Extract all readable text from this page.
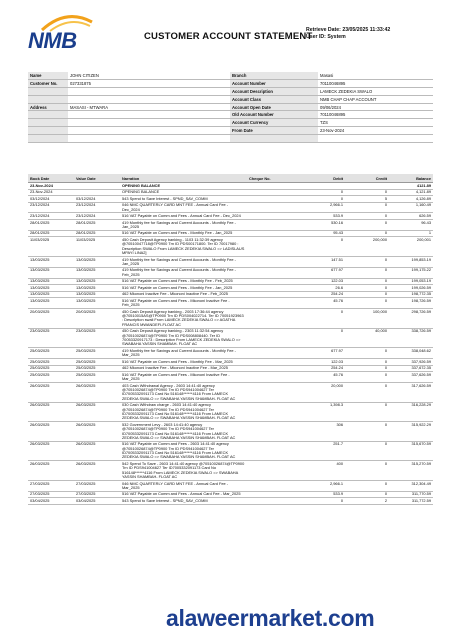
NMB	CUSTOMER ACCOUNT STATEMENT
Retrieve Date: 23/05/2025 11:33:42
User ID: System
Name	JOHN CITIZEN	Branch	Masasi
Customer No.	027331875	Account Number	70110046895
		Account Description	LAMECK ZEDEKIA SWALO
		Account Class	NMB CHAP CHAP ACCOUNT
Address	MASASI - MTWARA	Account Open Date	09/06/2024
		Old Account Number	70110046895
		Account Currency	TZS
		From Date	23-Nov-2024

Book Date	Value Date	Narration	Cheque No.	Debit	Credit	Balance
23-Nov-2024		OPENING BALANCE				4121.89
23-Nov-2024		OPENING BALANCE		0	0	4,121.89
03/12/2024	03/12/2024	543 Spend to Save Interest - SPND_SAV_COMM		0	5	4,126.89
23/12/2024	23/12/2024	046 NMC QUARTERLY CARD MNT FEE - Annual Card Fee - Dec_2024		2,966.1	0	1,160.49
23/12/2024	23/12/2024	516 VAT Payable on Comm and Fees - Annual Card Fee - Dec_2024		533.9	0	626.59
28/01/2025	28/01/2025	419 Monthly fee for Savings and Current Accounts - Monthly Fee - Jan_2025		530.16	0	96.43
28/01/2025	28/01/2025	516 VAT Payable on Comm and Fees - Monthly Fee - Jan_2025		95.43	0	1
11/03/2025	11/03/2025	450 Cash Deposit Agency banking - 1103 11:32:39 agency @70510047718@TP0900 Trn ID PDS00171800. Ter ID 70017980 : Description SWALO From LAMECK ZEDEKIA SWALO => LADISLAUS MPAYI LINA2]		0	200,000	200,001
13/03/2025	13/03/2025	419 Monthly fee for Savings and Current Accounts - Monthly Fee - Jan_2025		147.51	0	199,853.19
13/03/2025	13/03/2025	419 Monthly fee for Savings and Current Accounts - Monthly Fee - Feb_2025		677.97	0	199,175.22
13/03/2025	13/03/2025	516 VAT Payable on Comm and Fees - Monthly Fee - Feb_2025		122.03	0	199,053.19
13/03/2025	13/03/2025	516 VAT Payable on Comm and Fees - Monthly Fee - Jan_2025		26.6	0	199,026.59
13/03/2025	13/03/2025	462 Mkononi Inactive Fee - Mkononi Inactive Fee - Feb_2025		254.24	0	198,772.35
13/03/2025	13/03/2025	516 VAT Payable on Comm and Fees - Mkononi Inactive Fee - Feb_2025		45.76	0	198,726.59
20/03/2025	20/03/2025	450 Cash Deposit Agency banking - 2003 17:36:44 agency @70510015AS@TP0900 Trn ID PDS004022714. Ter ID 70051923963 : Description swali From LAMECK ZEDEKIA SWALO => AGATHA FRANCIS MWANDEFI-FLOAT AC		0	100,000	298,726.59
23/03/2025	23/03/2025	450 Cash Deposit Agency banking - 2303 11:32:54 agency @70510026874@TP0900 Trn ID PDS008808440. Ter ID 70053320917173 : Description From LAMECK ZEDEKIA SWALO => SWABAHA YASSIN SHAMBAH- FLOAT AC		0	40,000	338,726.59
25/03/2025	25/03/2025	419 Monthly fee for Savings and Current Accounts - Monthly Fee - Mar_2025		677.97	0	338,048.62
25/03/2025	25/03/2025	516 VAT Payable on Comm and Fees - Monthly Fee - Mar_2025		122.03	0	337,926.59
25/03/2025	25/03/2025	462 Mkononi Inactive Fee - Mkononi Inactive Fee - Mar_2025		254.24	0	337,672.35
25/03/2025	25/03/2025	516 VAT Payable on Comm and Fees - Mkononi Inactive Fee - Mar_2025		45.76	0	337,626.59
26/03/2025	26/03/2025	403 Cash Withdrawal Agency - 2603 14:41:40 agency @70510026874@TP0900 Trn ID PDS941004627 Ter ID7005332091173 Card No 516148******4116 From LAMECK ZEDEKIA SWALO => SWABAHA YASSIN SHAMBAH- FLOAT AC		20,000	0	317,626.59
26/03/2025	26/03/2025	030 Cash Withdraw charge - 2603 14:41:40 agency @70510026874@TP0900 Trn ID PDS941004627 Ter ID7005332091173 Card No 516148******4116 From LAMECK ZEDEKIA SWALO => SWABAHA YASSIN SHAMBAH- FLOAT AC		1,398.3	0	316,228.29
26/03/2025	26/03/2025	532 Government Levy - 2603 14:41:40 agency @70510026874@TP0900 Trn ID PDS941004627 Ter ID7005332091173 Card No 516148******4116 From LAMECK ZEDEKIA SWALO => SWABAHA YASSIN SHAMBAH- FLOAT AC		306	0	315,922.29
26/03/2025	26/03/2025	516 VAT Payable on Comm and Fees - 2603 14:41:40 agency @70510026874@TP0900 Trn ID PDS941004627 Ter ID7005332091173 Card No 516148******4116 From LAMECK ZEDEKIA SWALO => SWABAHA YASSIN SHAMBAH- FLOAT AC		251.7	0	315,670.59
26/03/2025	26/03/2025	542 Spend To Save - 2603 14:41:40 agency @70510026874@TP0900 Trn ID PDS941004627 Ter ID7005332091173 Card No 516148******4116 From LAMECK ZEDEKIA SWALO => SWABAHA YASSIN SHAMBAH- FLOAT AC		400	0	315,270.59
27/03/2025	27/03/2025	046 NMC QUARTERLY CARD MNT FEE - Annual Card Fee - Mar_2025		2,966.1	0	312,304.49
27/03/2025	27/03/2025	516 VAT Payable on Comm and Fees - Annual Card Fee - Mar_2025		533.9	0	311,770.59
03/04/2025	03/04/2025	543 Spend to Save Interest - SPND_SAV_COMM		0	2	311,772.59
alaweermarket.com
